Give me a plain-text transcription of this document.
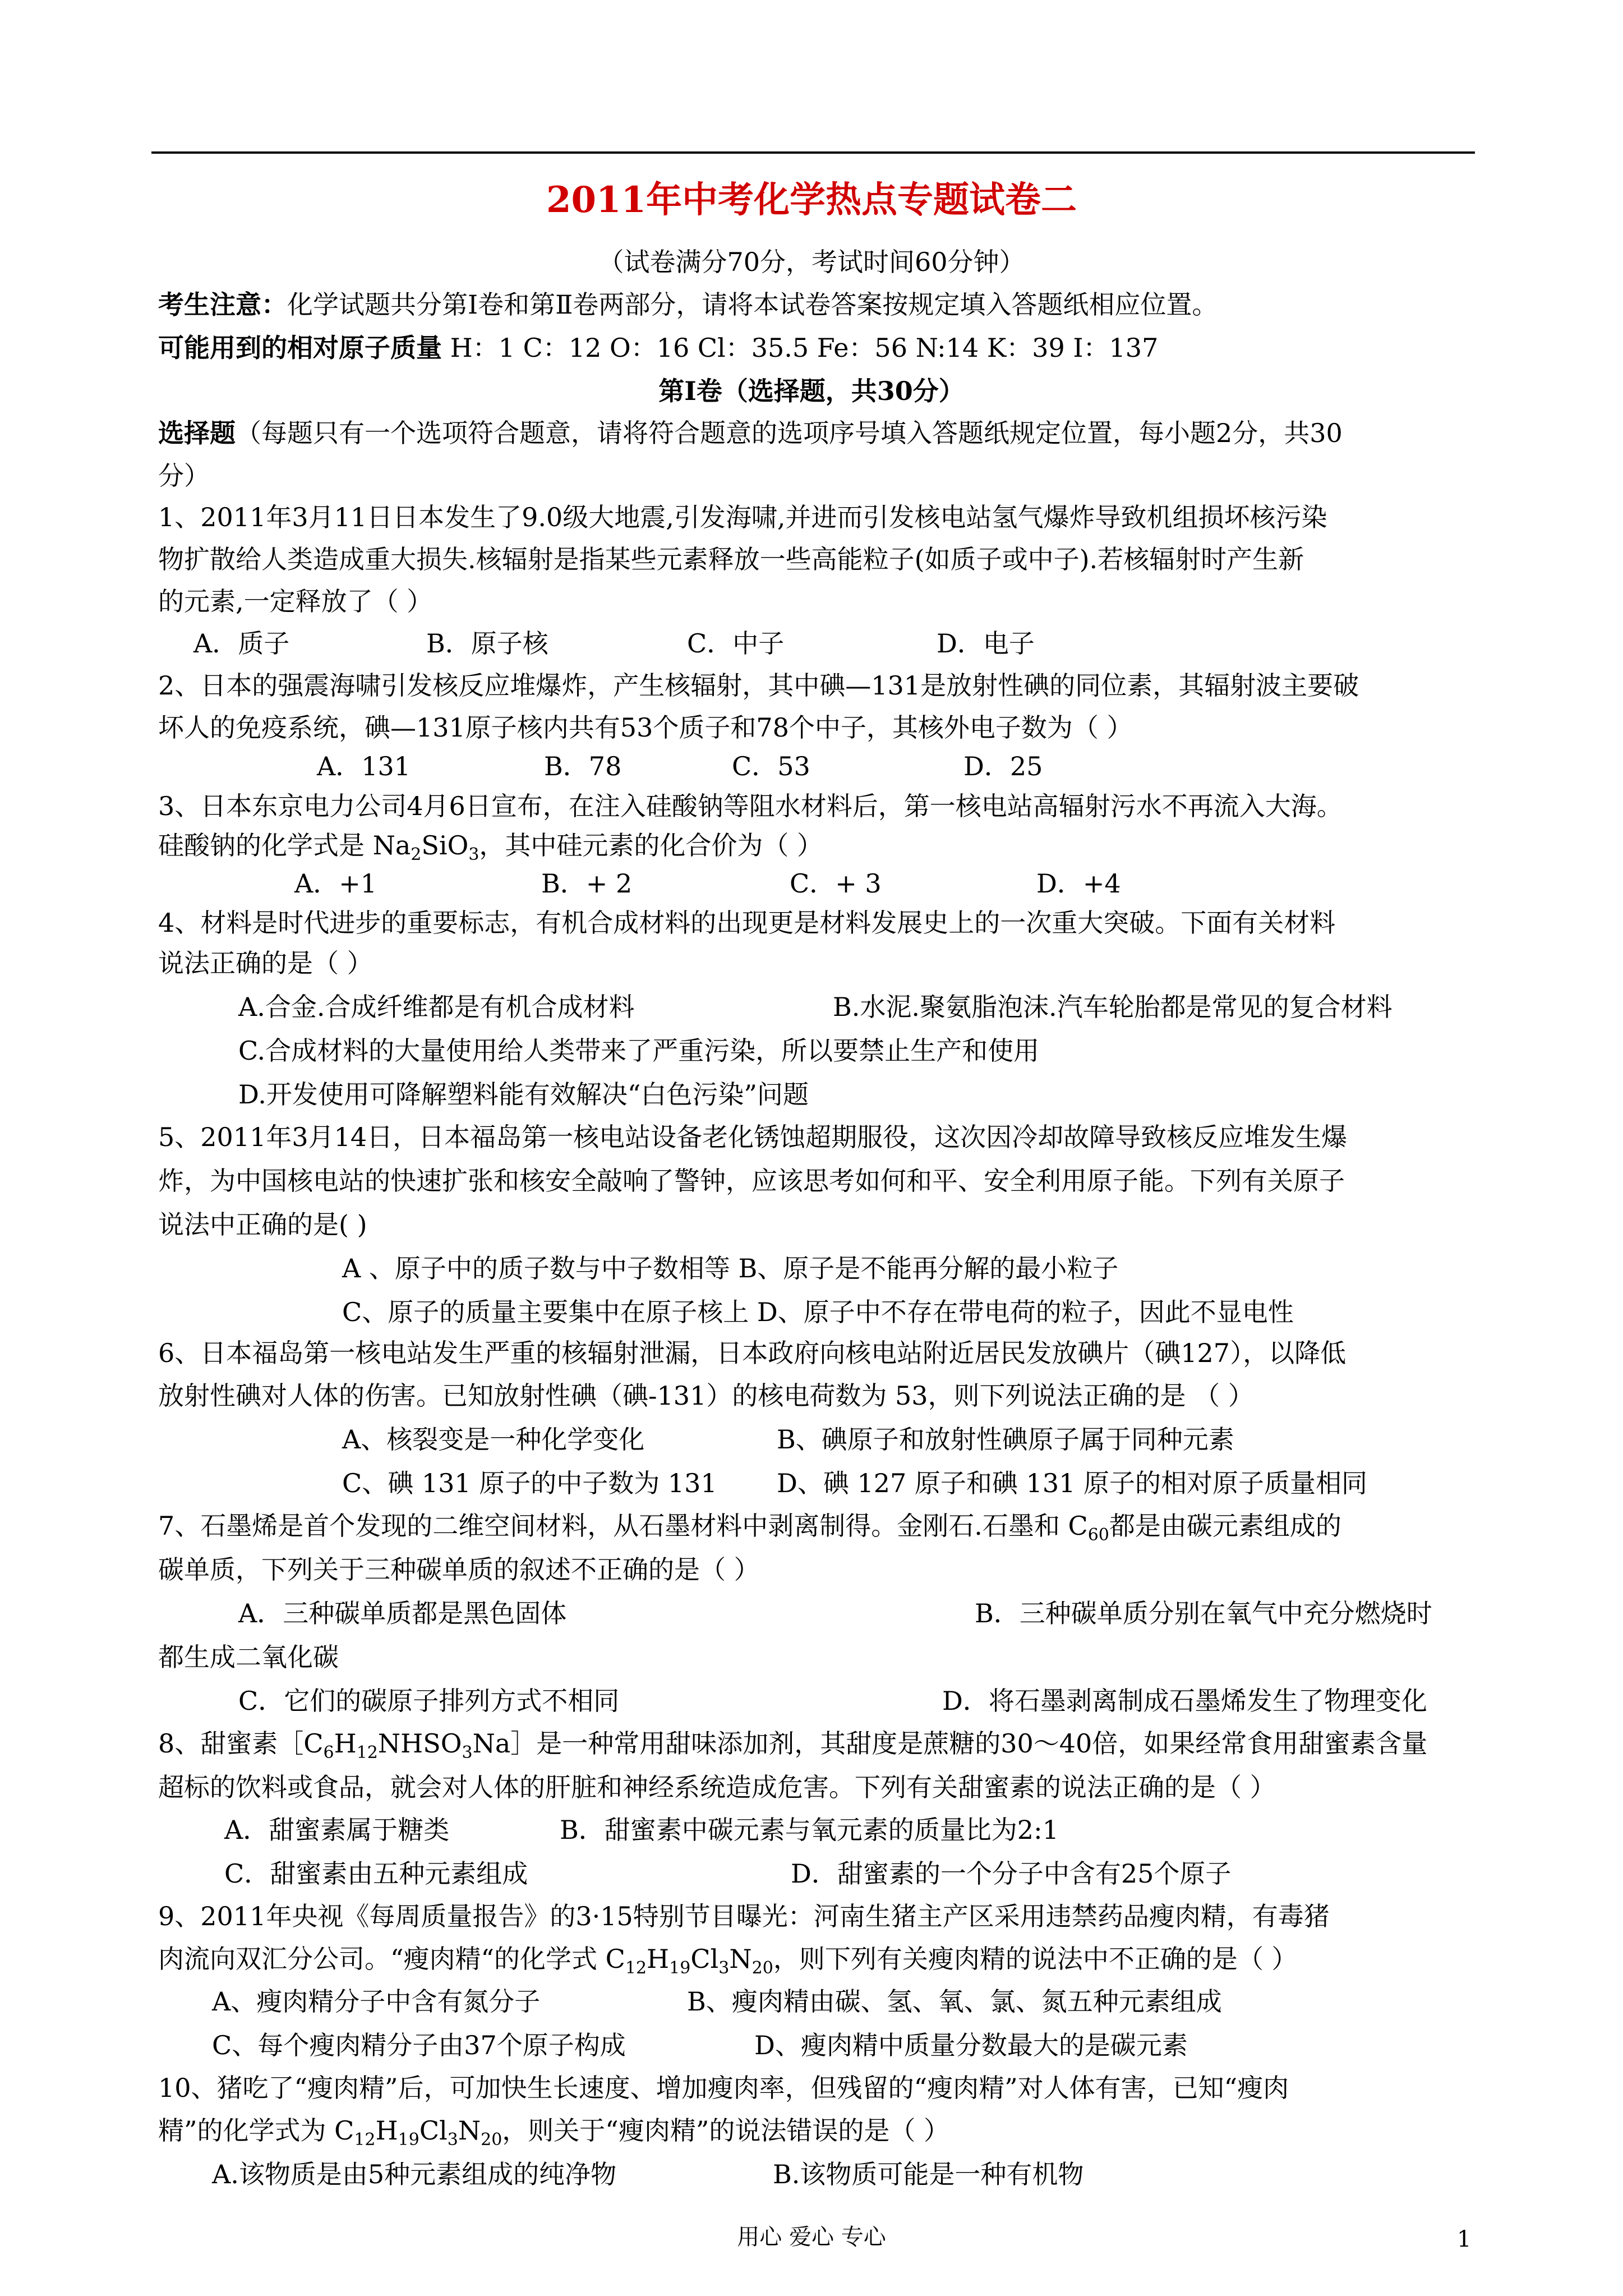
2011年中考化学热点专题试卷二
（试卷满分70分，考试时间60分钟）
考生注意：化学试题共分第Ⅰ卷和第Ⅱ卷两部分，请将本试卷答案按规定填入答题纸相应位置。
可能用到的相对原子质量 H：1 C：12 O：16 Cl：35.5 Fe：56 N:14 K：39 I：137
第Ⅰ卷（选择题，共30分）
选择题（每题只有一个选项符合题意，请将符合题意的选项序号填入答题纸规定位置，每小题2分，共30
分）
1、2011年3月11日日本发生了9.0级大地震,引发海啸,并进而引发核电站氢气爆炸导致机组损坏核污染
物扩散给人类造成重大损失.核辐射是指某些元素释放一些高能粒子(如质子或中子).若核辐射时产生新
的元素,一定释放了（ ）
A．质子	B．原子核	C．中子	D．电子
2、日本的强震海啸引发核反应堆爆炸，产生核辐射，其中碘—131是放射性碘的同位素，其辐射波主要破
坏人的免疫系统，碘—131原子核内共有53个质子和78个中子，其核外电子数为（ ）
A．131	B．78	C．53	D．25
3、日本东京电力公司4月6日宣布，在注入硅酸钠等阻水材料后，第一核电站高辐射污水不再流入大海。
硅酸钠的化学式是 $Na_2SiO_3$，其中硅元素的化合价为（ ）
A．+1	B．+ 2	C．+ 3	D．+4
4、材料是时代进步的重要标志，有机合成材料的出现更是材料发展史上的一次重大突破。下面有关材料
说法正确的是（ ）
A.合金.合成纤维都是有机合成材料	B.水泥.聚氨脂泡沫.汽车轮胎都是常见的复合材料
C.合成材料的大量使用给人类带来了严重污染，所以要禁止生产和使用
D.开发使用可降解塑料能有效解决“白色污染”问题
5、2011年3月14日，日本福岛第一核电站设备老化锈蚀超期服役，这次因冷却故障导致核反应堆发生爆
炸，为中国核电站的快速扩张和核安全敲响了警钟，应该思考如何和平、安全利用原子能。下列有关原子
说法中正确的是( )
A 、原子中的质子数与中子数相等 B、原子是不能再分解的最小粒子
C、原子的质量主要集中在原子核上 D、原子中不存在带电荷的粒子，因此不显电性
6、日本福岛第一核电站发生严重的核辐射泄漏，日本政府向核电站附近居民发放碘片（碘127），以降低
放射性碘对人体的伤害。已知放射性碘（碘-131）的核电荷数为 53，则下列说法正确的是 （ ）
A、核裂变是一种化学变化	B、碘原子和放射性碘原子属于同种元素
C、碘 131 原子的中子数为 131 D、碘 127 原子和碘 131 原子的相对原子质量相同
7、石墨烯是首个发现的二维空间材料，从石墨材料中剥离制得。金刚石.石墨和 $C_{60}$都是由碳元素组成的
碳单质，下列关于三种碳单质的叙述不正确的是（ ）
A．三种碳单质都是黑色固体	B．三种碳单质分别在氧气中充分燃烧时
都生成二氧化碳
C．它们的碳原子排列方式不相同	D．将石墨剥离制成石墨烯发生了物理变化
8、甜蜜素$[C_6H_{12}NHSO_3Na]$是一种常用甜味添加剂，其甜度是蔗糖的30～40倍，如果经常食用甜蜜素含量
超标的饮料或食品，就会对人体的肝脏和神经系统造成危害。下列有关甜蜜素的说法正确的是（ ）
A．甜蜜素属于糖类	B．甜蜜素中碳元素与氧元素的质量比为2:1
C．甜蜜素由五种元素组成	D．甜蜜素的一个分子中含有25个原子
9、2011年央视《每周质量报告》的3·15特别节目曝光：河南生猪主产区采用违禁药品瘦肉精，有毒猪
肉流向双汇分公司。“瘦肉精“的化学式 $C_{12}H_{19}Cl_3N_{20}$，则下列有关瘦肉精的说法中不正确的是（ ）
A、瘦肉精分子中含有氮分子	B、瘦肉精由碳、氢、氧、氯、氮五种元素组成
C、每个瘦肉精分子由37个原子构成	D、瘦肉精中质量分数最大的是碳元素
10、猪吃了“瘦肉精”后，可加快生长速度、增加瘦肉率，但残留的“瘦肉精”对人体有害，已知“瘦肉
精”的化学式为 $C_{12}H_{19}Cl_3N_{20}$，则关于“瘦肉精”的说法错误的是（ ）
A.该物质是由5种元素组成的纯净物	B.该物质可能是一种有机物
用心 爱心 专心	1
